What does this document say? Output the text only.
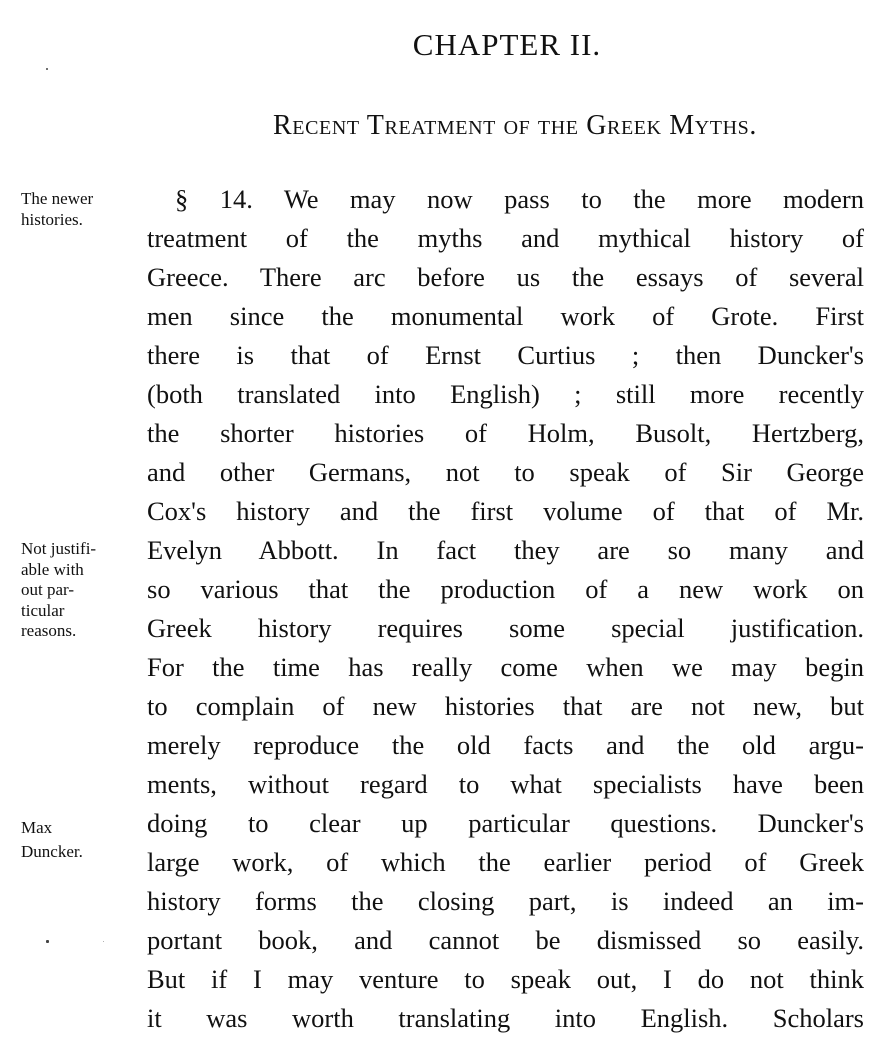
CHAPTER II.
Recent Treatment of the Greek Myths.
The newer
histories.
Not justifi-
able with
out par-
ticular
reasons.
Max
Duncker.
§ 14. We may now pass to the more modern
treatment of the myths and mythical history of
Greece. There arc before us the essays of several
men since the monumental work of Grote. First
there is that of Ernst Curtius ; then Duncker's
(both translated into English) ; still more recently
the shorter histories of Holm, Busolt, Hertzberg,
and other Germans, not to speak of Sir George
Cox's history and the first volume of that of Mr.
Evelyn Abbott. In fact they are so many and
so various that the production of a new work on
Greek history requires some special justification.
For the time has really come when we may begin
to complain of new histories that are not new, but
merely reproduce the old facts and the old argu-
ments, without regard to what specialists have been
doing to clear up particular questions. Duncker's
large work, of which the earlier period of Greek
history forms the closing part, is indeed an im-
portant book, and cannot be dismissed so easily.
But if I may venture to speak out, I do not think
it was worth translating into English. Scholars
